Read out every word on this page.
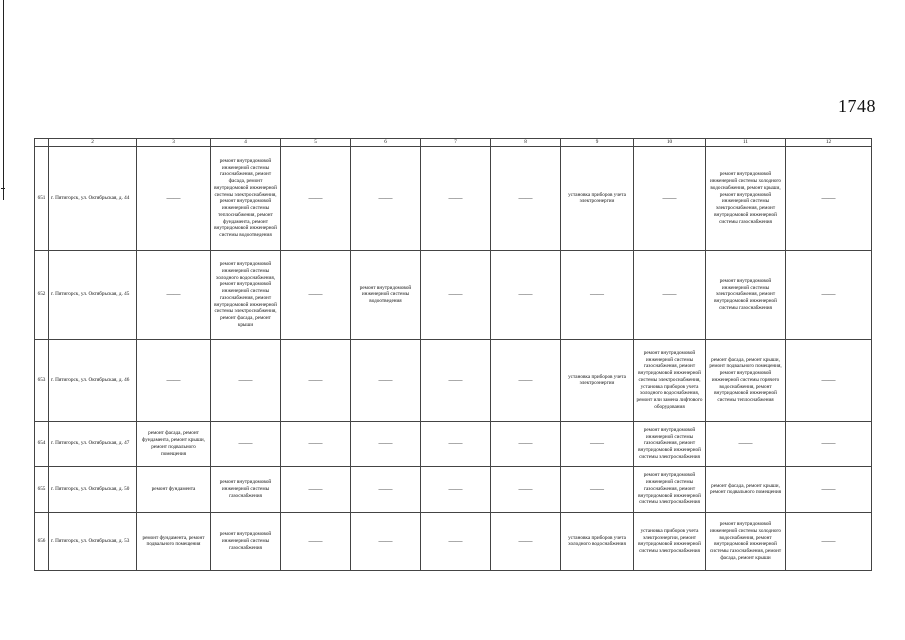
1748
	2	3	4	5	6	7	8	9	10	11	12
651	г. Пятигорск, ул. Октябрьская, д. 44	——	ремонт внутридомовой инженерной системы газоснабжения, ремонт фасада, ремонт внутридомовой инженерной системы электроснабжения, ремонт внутридомовой инженерной системы теплоснабжения, ремонт фундамента, ремонт внутридомовой инженерной системы водоотведения	——	——	——	——	установка приборов учета электроэнергии	——	ремонт внутридомовой инженерной системы холодного водоснабжения, ремонт крыши, ремонт внутридомовой инженерной системы электроснабжения, ремонт внутридомовой инженерной системы газоснабжения	——
652	г. Пятигорск, ул. Октябрьская, д. 45	——	ремонт внутридомовой инженерной системы холодного водоснабжения, ремонт внутридомовой инженерной системы газоснабжения, ремонт внутридомовой инженерной системы электроснабжения, ремонт фасада, ремонт крыши	——	ремонт внутридомовой инженерной системы водоотведения	——	——	——	——	ремонт внутридомовой инженерной системы электроснабжения, ремонт внутридомовой инженерной системы газоснабжения	——
653	г. Пятигорск, ул. Октябрьская, д. 46	——	——	——	——	——	——	установка приборов учета электроэнергии	ремонт внутридомовой инженерной системы газоснабжения, ремонт внутридомовой инженерной системы электроснабжения, установка приборов учета холодного водоснабжения, ремонт или замена лифтового оборудования	ремонт фасада, ремонт крыши, ремонт подвального помещения, ремонт внутридомовой инженерной системы горячего водоснабжения, ремонт внутридомовой инженерной системы теплоснабжения	——
654	г. Пятигорск, ул. Октябрьская, д. 47	ремонт фасада, ремонт фундамента, ремонт крыши, ремонт подвального помещения	——	——	——	——	——	——	ремонт внутридомовой инженерной системы газоснабжения, ремонт внутридомовой инженерной системы электроснабжения	——	——
655	г. Пятигорск, ул. Октябрьская, д. 50	ремонт фундамента	ремонт внутридомовой инженерной системы газоснабжения	——	——	——	——	——	ремонт внутридомовой инженерной системы газоснабжения, ремонт внутридомовой инженерной системы электроснабжения	ремонт фасада, ремонт крыши, ремонт подвального помещения	——
656	г. Пятигорск, ул. Октябрьская, д. 53	ремонт фундамента, ремонт подвального помещения	ремонт внутридомовой инженерной системы газоснабжения	——	——	——	——	установка приборов учета холодного водоснабжения	установка приборов учета электроэнергии, ремонт внутридомовой инженерной системы электроснабжения	ремонт внутридомовой инженерной системы холодного водоснабжения, ремонт внутридомовой инженерной системы газоснабжения, ремонт фасада, ремонт крыши	——
